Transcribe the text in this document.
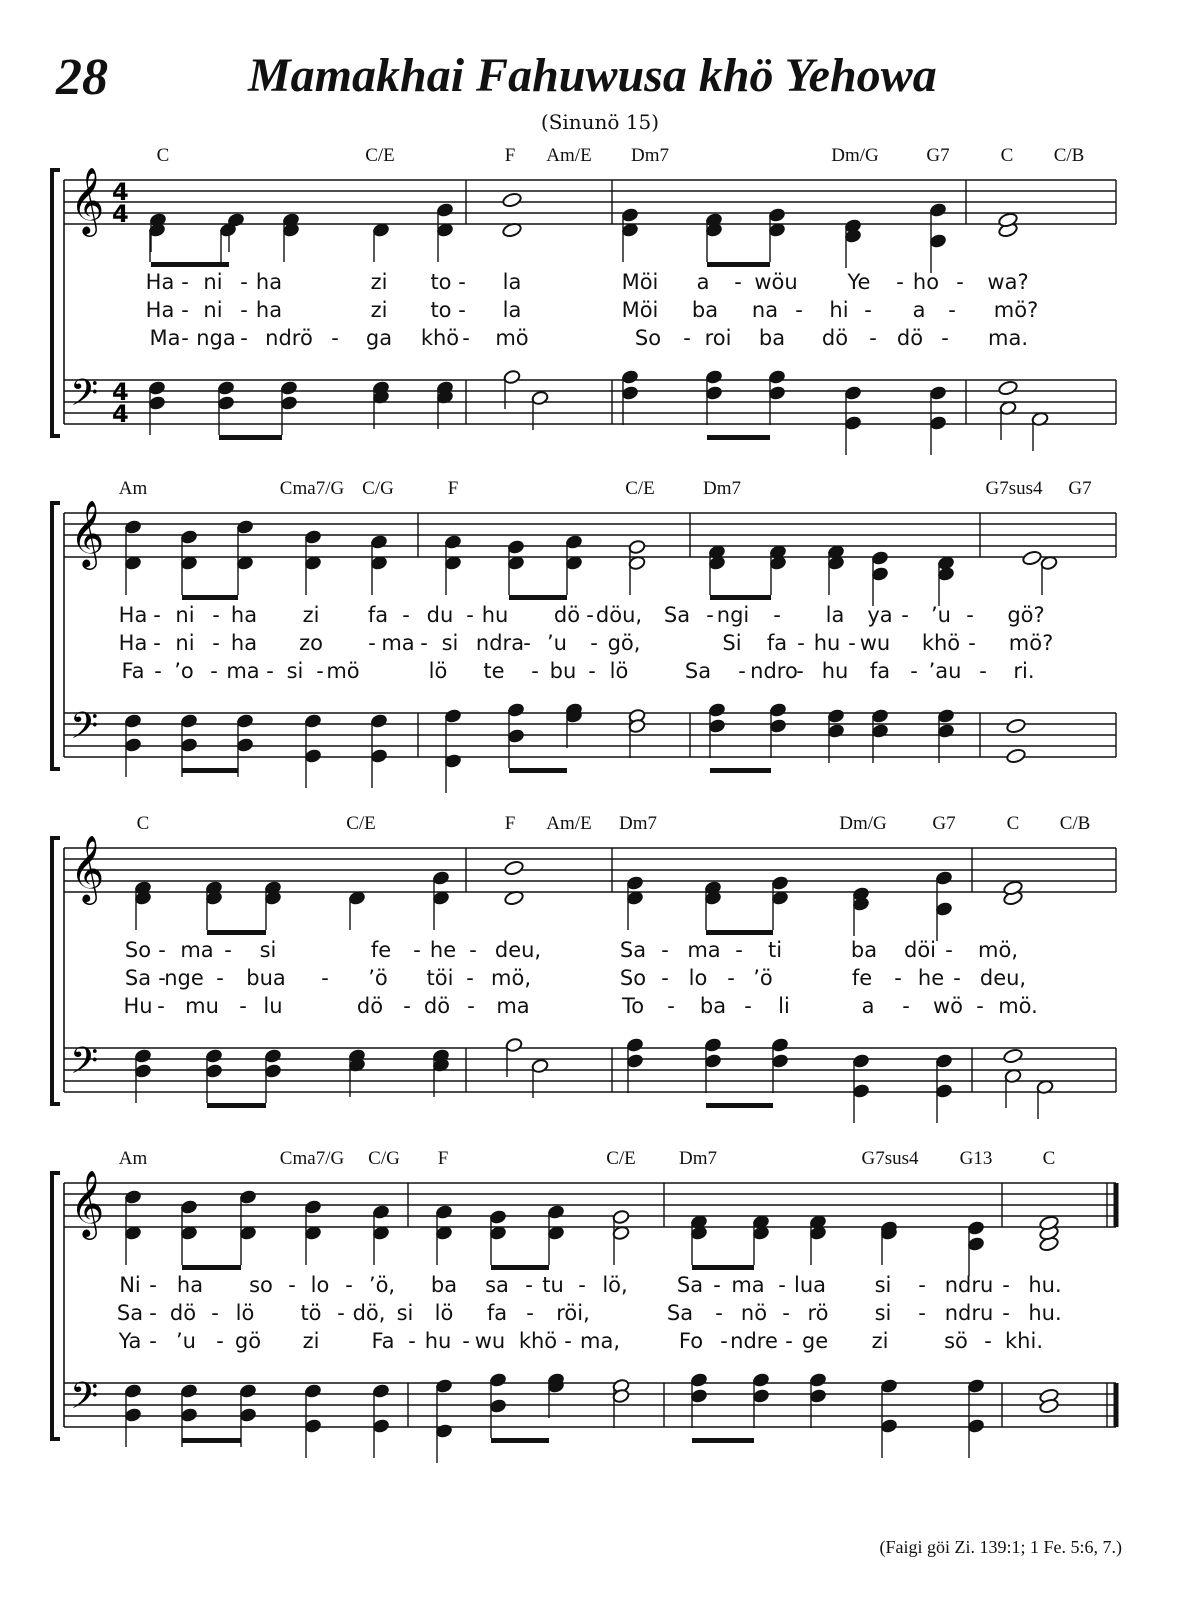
28	Mamakhai Fahuwusa khö Yehowa
(Sinunö 15)
𝄞
𝄢
4
4
4
4
C	C/E	F Am/E Dm7	Dm/G	G7	C C/B
Ha - ni - ha	zi to - la	Möi a - wöu Ye - ho - wa?
Ha - ni - ha	zi to - la	Möi ba na - hi - a - mö?
Ma - nga - ndrö - ga khö - mö	So - roi ba dö - dö - ma.
𝄞
𝄢
Am	Cma7/G C/G	F	C/E	Dm7	G7sus4 G7
Ha - ni - ha zi fa - du - hu dö - döu, Sa - ngi - la ya - ’u - gö?
Ha - ni - ha zo - ma - si ndra - ’u - gö,	Si fa - hu - wu khö - mö?
Fa - ’o - ma - si - mö	lö te - bu - lö	Sa - ndro
- hu fa - ’au - ri.
𝄞
𝄢
C	C/E	F Am/E Dm7	Dm/G G7	C C/B
So - ma - si	fe - he - deu,	Sa - ma - ti	ba döi - mö,
Sa -
nge - bua - ’ö töi - mö,	So - lo - ’ö	fe - he - deu,
Hu - mu - lu	dö - dö - ma	To - ba - li	a - wö - mö.
𝄞
𝄢
Am	Cma7/G C/G F	C/E Dm7	G7sus4 G13	C
Ni - ha so - lo - ’ö, ba sa - tu - lö, Sa - ma - lua si - ndru - hu.
Sa - dö - lö tö - dö, si lö fa - röi,	Sa - nö - rö si - ndru - hu.
Ya - ’u - gö zi Fa - hu - wu khö - ma,	Fo - ndre - ge zi	sö - khi.
(Faigi göi Zi. 139:1; 1 Fe. 5:6, 7.)
